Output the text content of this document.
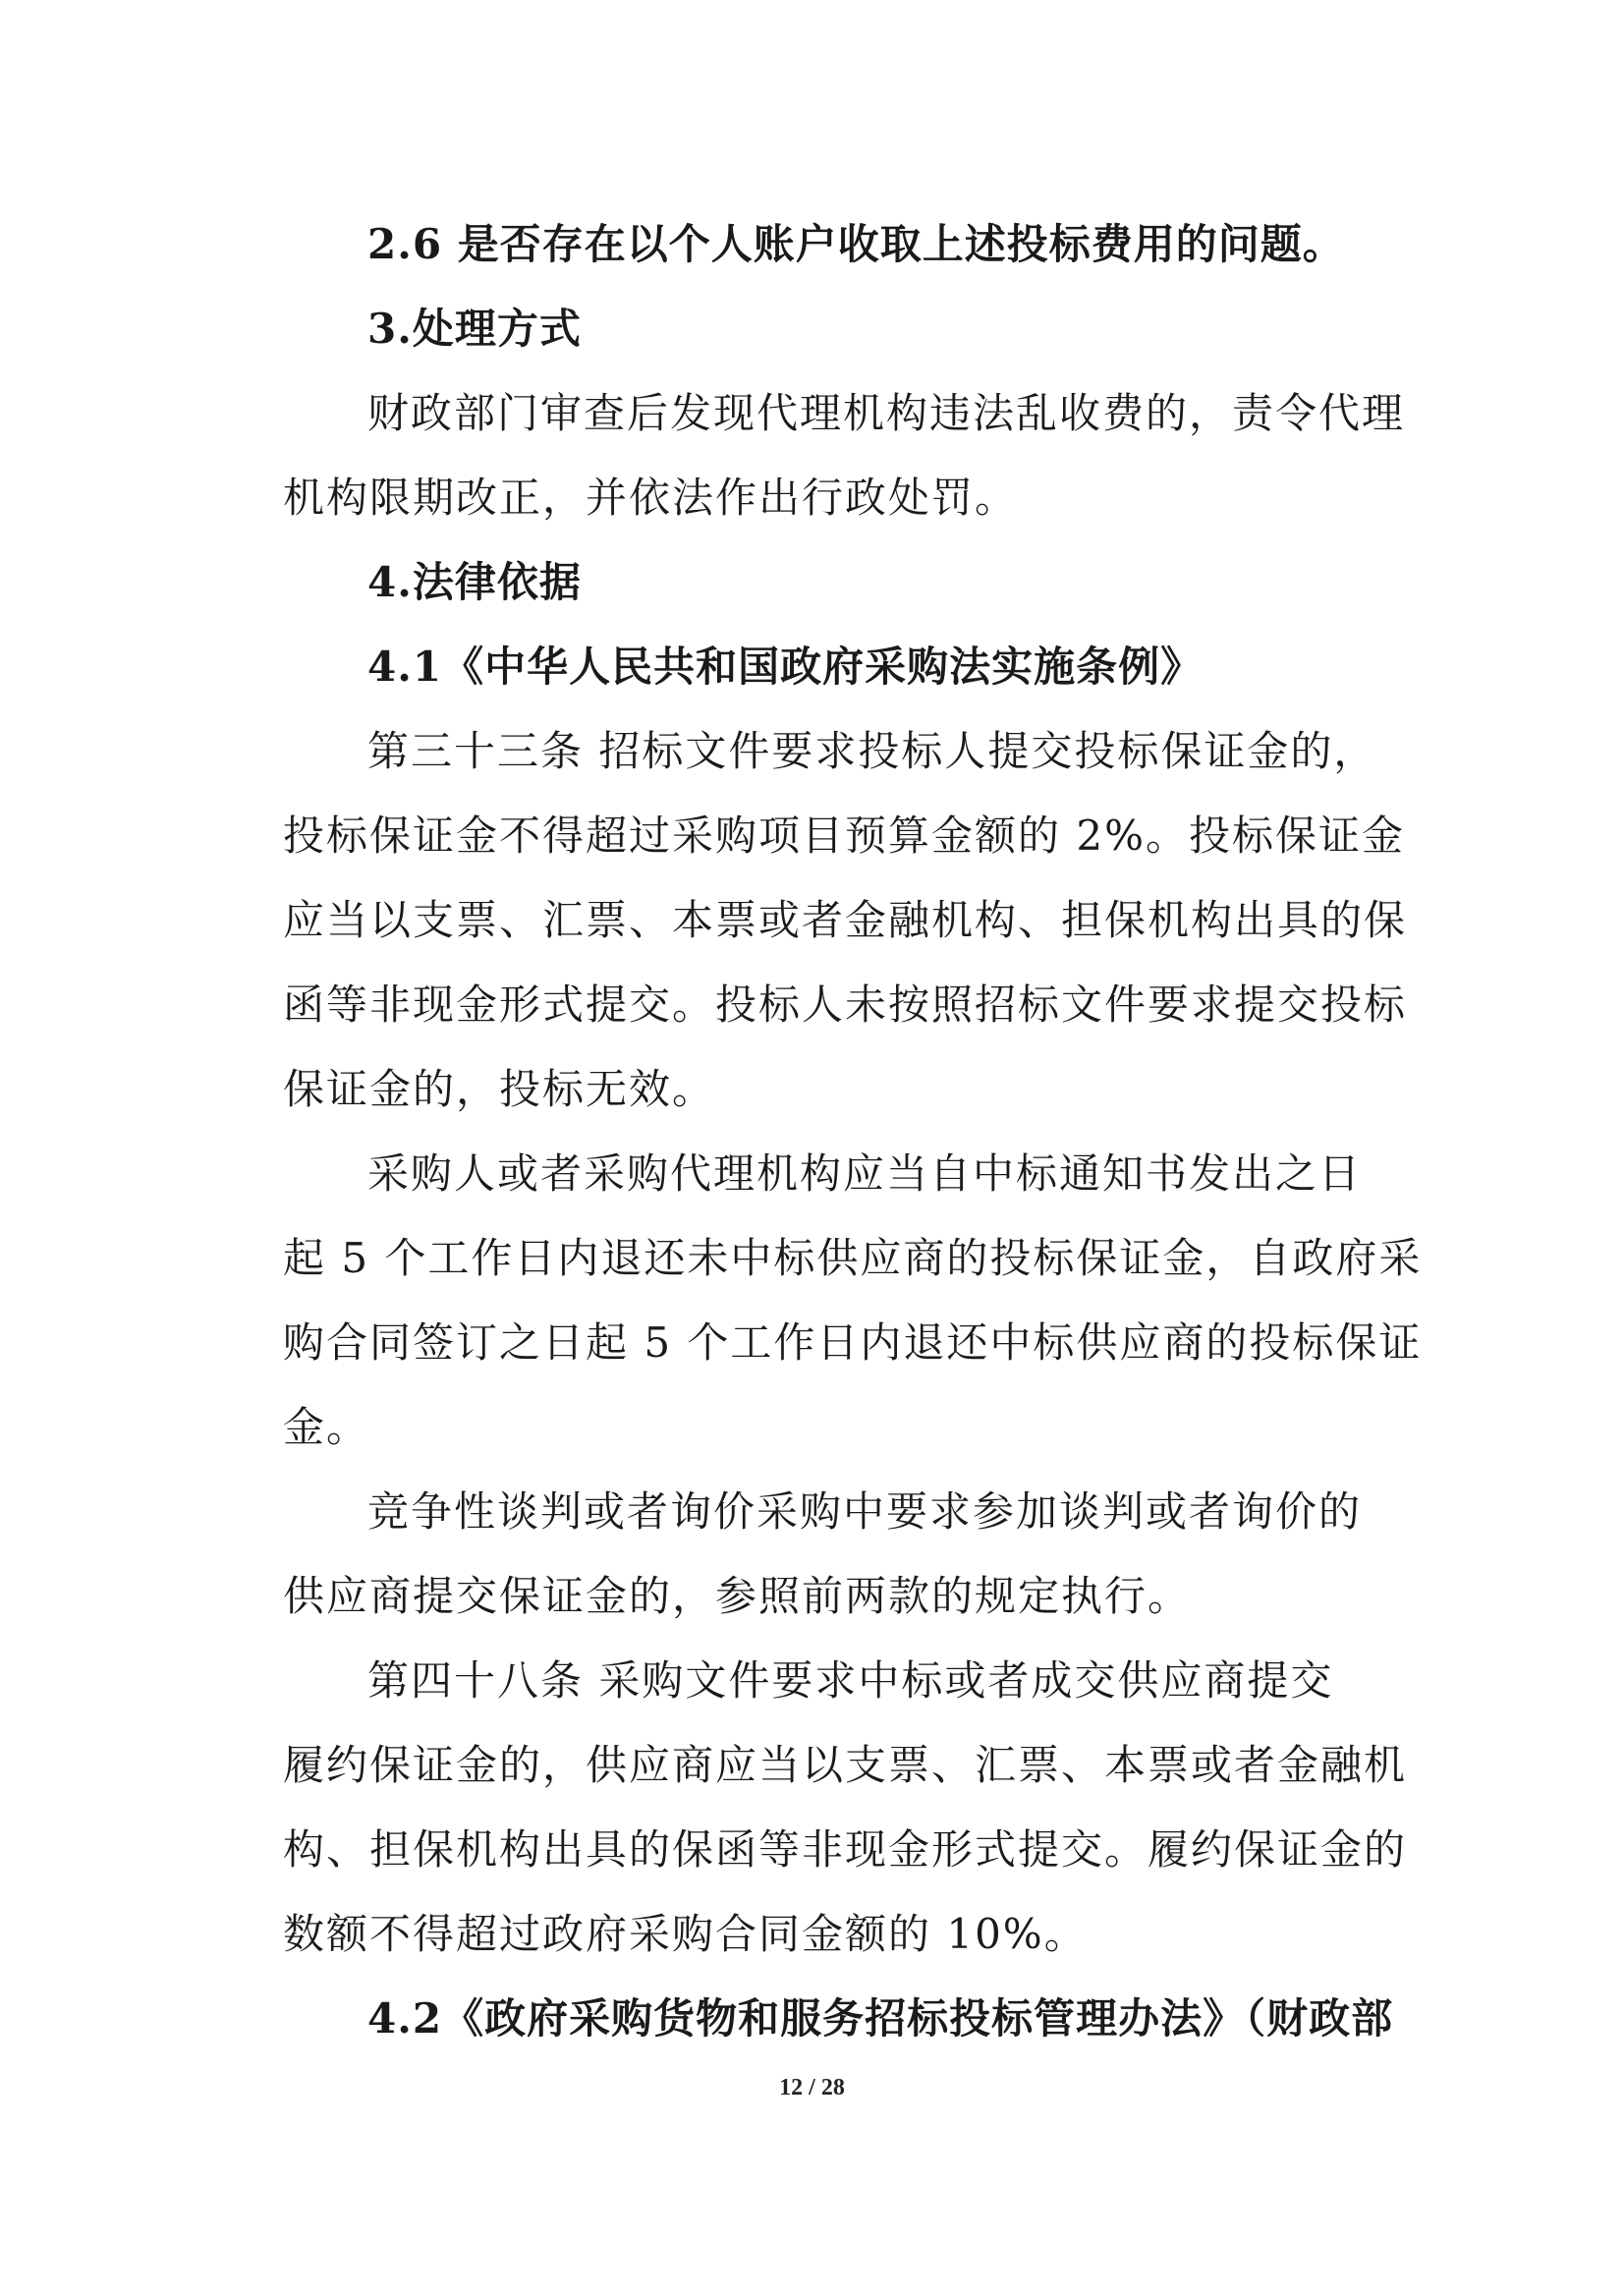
2.6 是否存在以个人账户收取上述投标费用的问题。

3.处理方式

财政部门审查后发现代理机构违法乱收费的，责令代理
机构限期改正，并依法作出行政处罚。

4.法律依据

4.1《中华人民共和国政府采购法实施条例》

第三十三条 招标文件要求投标人提交投标保证金的，
投标保证金不得超过采购项目预算金额的 2%。投标保证金
应当以支票、汇票、本票或者金融机构、担保机构出具的保
函等非现金形式提交。投标人未按照招标文件要求提交投标
保证金的，投标无效。

采购人或者采购代理机构应当自中标通知书发出之日
起 5 个工作日内退还未中标供应商的投标保证金，自政府采
购合同签订之日起 5 个工作日内退还中标供应商的投标保证
金。

竞争性谈判或者询价采购中要求参加谈判或者询价的
供应商提交保证金的，参照前两款的规定执行。

第四十八条 采购文件要求中标或者成交供应商提交
履约保证金的，供应商应当以支票、汇票、本票或者金融机
构、担保机构出具的保函等非现金形式提交。履约保证金的
数额不得超过政府采购合同金额的 10%。

4.2《政府采购货物和服务招标投标管理办法》（财政部

12 / 28
